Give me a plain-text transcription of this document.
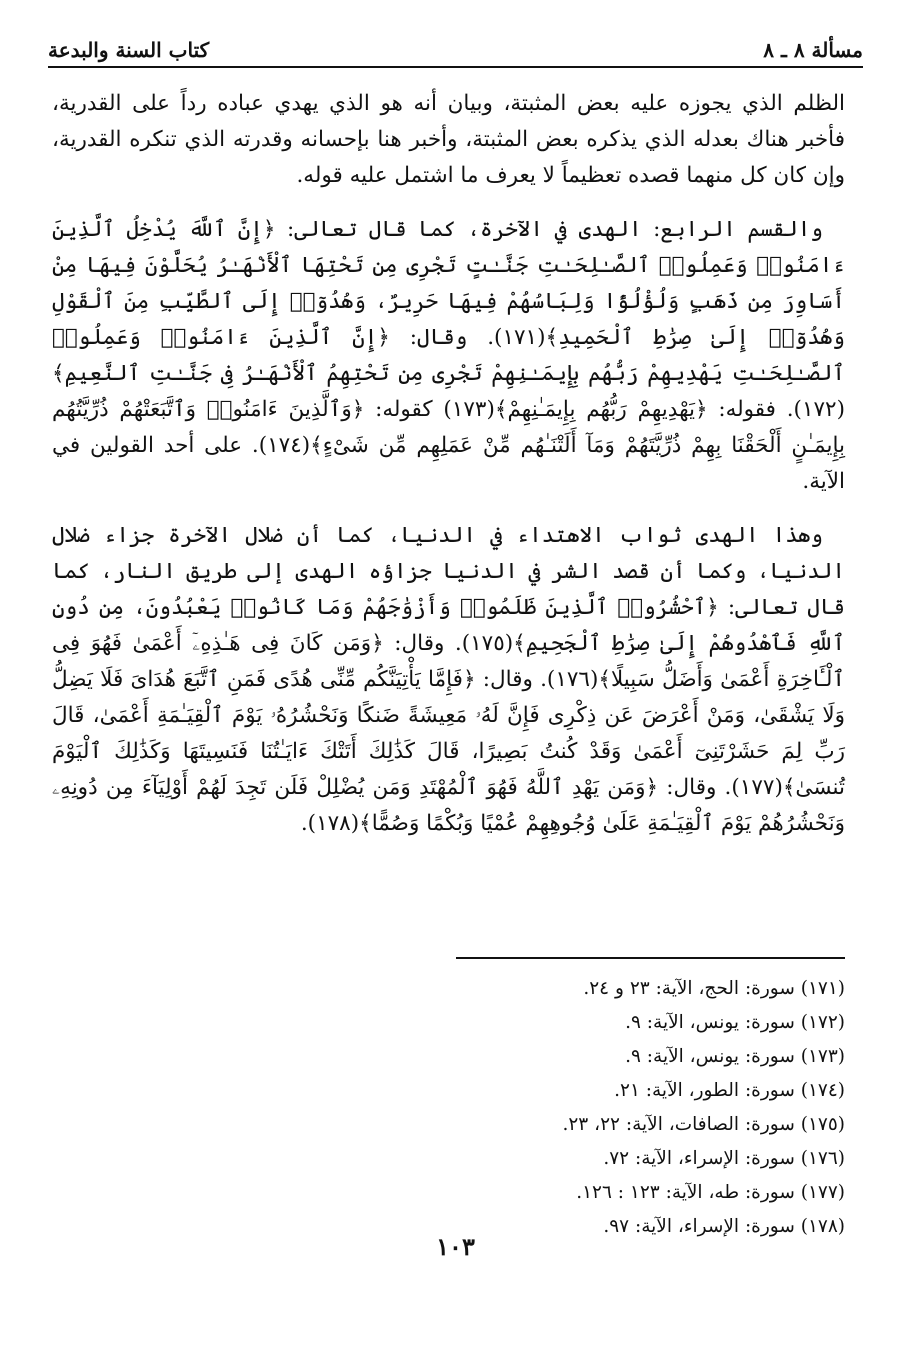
مسألة ٨ ـ ٨
كتاب السنة والبدعة

الظلم الذي يجوزه عليه بعض المثبتة، وبيان أنه هو الذي يهدي عباده رداً على القدرية، فأخبر هناك بعدله الذي يذكره بعض المثبتة، وأخبر هنا بإحسانه وقدرته الذي تنكره القدرية، وإن كان كل منهما قصده تعظيماً لا يعرف ما اشتمل عليه قوله.

والقسم الرابع: الهدى في الآخرة، كما قال تعالى: ﴿إِنَّ ٱللَّهَ يُدْخِلُ ٱلَّذِينَ ءَامَنُوا۟ وَعَمِلُوا۟ ٱلصَّـٰلِحَـٰتِ جَنَّـٰتٍ تَجْرِى مِن تَحْتِهَا ٱلْأَنْهَـٰرُ يُحَلَّوْنَ فِيهَا مِنْ أَسَاوِرَ مِن ذَهَبٍ وَلُؤْلُؤًا وَلِبَاسُهُمْ فِيهَا حَرِيرٌ، وَهُدُوٓا۟ إِلَى ٱلطَّيِّبِ مِنَ ٱلْقَوْلِ وَهُدُوٓا۟ إِلَىٰ صِرَٰطِ ٱلْحَمِيدِ﴾(١٧١). وقال: ﴿إِنَّ ٱلَّذِينَ ءَامَنُوا۟ وَعَمِلُوا۟ ٱلصَّـٰلِحَـٰتِ يَهْدِيهِمْ رَبُّهُم بِإِيمَـٰنِهِمْ تَجْرِى مِن تَحْتِهِمُ ٱلْأَنْهَـٰرُ فِى جَنَّـٰتِ ٱلنَّعِيمِ﴾(١٧٢). فقوله: ﴿يَهْدِيهِمْ رَبُّهُم بِإِيمَـٰنِهِمْ﴾(١٧٣) كقوله: ﴿وَٱلَّذِينَ ءَامَنُوا۟ وَٱتَّبَعَتْهُمْ ذُرِّيَّتُهُم بِإِيمَـٰنٍ أَلْحَقْنَا بِهِمْ ذُرِّيَّتَهُمْ وَمَآ أَلَتْنَـٰهُم مِّنْ عَمَلِهِم مِّن شَىْءٍ﴾(١٧٤). على أحد القولين في الآية.

وهذا الهدى ثواب الاهتداء في الدنيا، كما أن ضلال الآخرة جزاء ضلال الدنيا، وكما أن قصد الشر في الدنيا جزاؤه الهدى إلى طريق النار، كما قال تعالى: ﴿ٱحْشُرُوا۟ ٱلَّذِينَ ظَلَمُوا۟ وَأَزْوَٰجَهُمْ وَمَا كَانُوا۟ يَعْبُدُونَ، مِن دُونِ ٱللَّهِ فَٱهْدُوهُمْ إِلَىٰ صِرَٰطِ ٱلْجَحِيمِ﴾(١٧٥). وقال: ﴿وَمَن كَانَ فِى هَـٰذِهِۦٓ أَعْمَىٰ فَهُوَ فِى ٱلْـَٔاخِرَةِ أَعْمَىٰ وَأَضَلُّ سَبِيلًا﴾(١٧٦). وقال: ﴿فَإِمَّا يَأْتِيَنَّكُم مِّنِّى هُدًى فَمَنِ ٱتَّبَعَ هُدَاىَ فَلَا يَضِلُّ وَلَا يَشْقَىٰ، وَمَنْ أَعْرَضَ عَن ذِكْرِى فَإِنَّ لَهُۥ مَعِيشَةً ضَنكًا وَنَحْشُرُهُۥ يَوْمَ ٱلْقِيَـٰمَةِ أَعْمَىٰ، قَالَ رَبِّ لِمَ حَشَرْتَنِىٓ أَعْمَىٰ وَقَدْ كُنتُ بَصِيرًا، قَالَ كَذَٰلِكَ أَتَتْكَ ءَايَـٰتُنَا فَنَسِيتَهَا وَكَذَٰلِكَ ٱلْيَوْمَ تُنسَىٰ﴾(١٧٧). وقال: ﴿وَمَن يَهْدِ ٱللَّهُ فَهُوَ ٱلْمُهْتَدِ وَمَن يُضْلِلْ فَلَن تَجِدَ لَهُمْ أَوْلِيَآءَ مِن دُونِهِۦ وَنَحْشُرُهُمْ يَوْمَ ٱلْقِيَـٰمَةِ عَلَىٰ وُجُوهِهِمْ عُمْيًا وَبُكْمًا وَصُمًّا﴾(١٧٨).

(١٧١) سورة: الحج، الآية: ٢٣ و ٢٤.
(١٧٢) سورة: يونس، الآية: ٩.
(١٧٣) سورة: يونس، الآية: ٩.
(١٧٤) سورة: الطور، الآية: ٢١.
(١٧٥) سورة: الصافات، الآية: ٢٢، ٢٣.
(١٧٦) سورة: الإسراء، الآية: ٧٢.
(١٧٧) سورة: طه، الآية: ١٢٣ : ١٢٦.
(١٧٨) سورة: الإسراء، الآية: ٩٧.
١٠٣
